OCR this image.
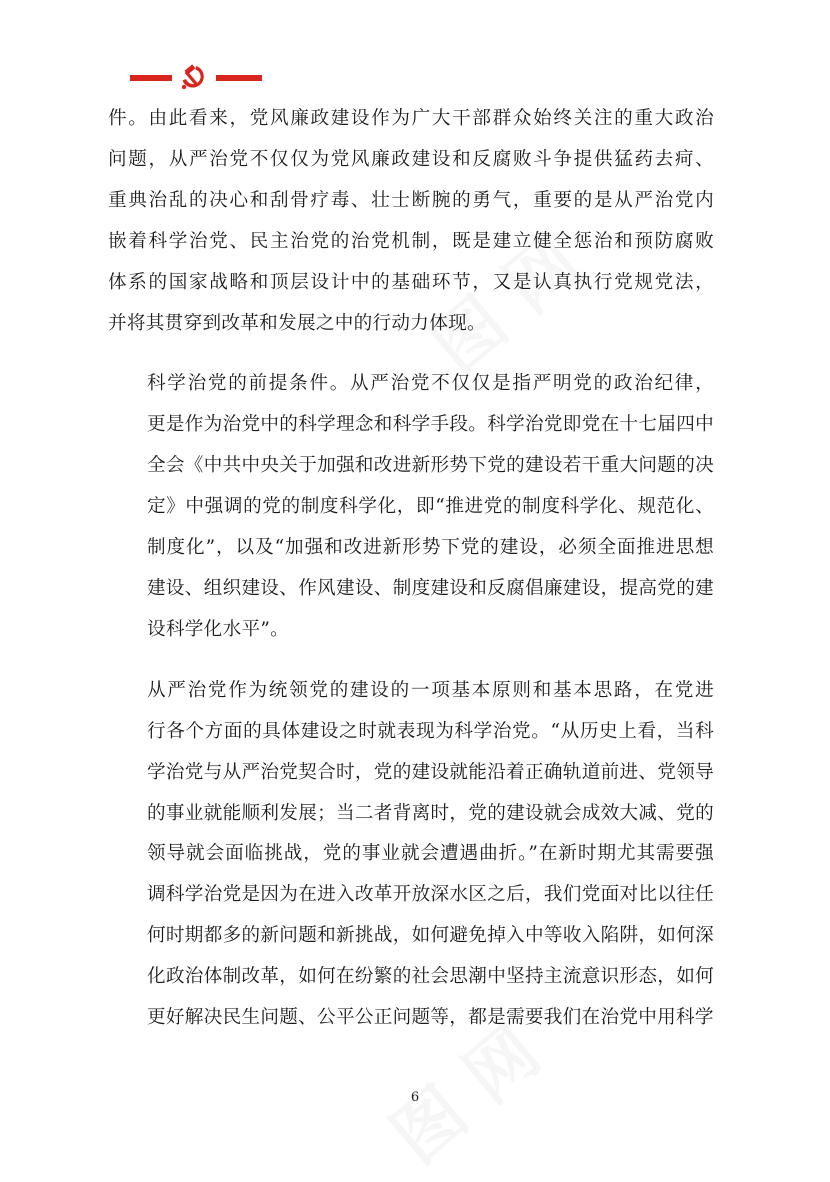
件。由此看来，党风廉政建设作为广大干部群众始终关注的重大政治
问题，从严治党不仅仅为党风廉政建设和反腐败斗争提供猛药去疴、
重典治乱的决心和刮骨疗毒、壮士断腕的勇气，重要的是从严治党内
嵌着科学治党、民主治党的治党机制，既是建立健全惩治和预防腐败
体系的国家战略和顶层设计中的基础环节，又是认真执行党规党法，
并将其贯穿到改革和发展之中的行动力体现。

科学治党的前提条件。从严治党不仅仅是指严明党的政治纪律，
更是作为治党中的科学理念和科学手段。科学治党即党在十七届四中
全会《中共中央关于加强和改进新形势下党的建设若干重大问题的决
定》中强调的党的制度科学化，即“推进党的制度科学化、规范化、
制度化”，以及“加强和改进新形势下党的建设，必须全面推进思想
建设、组织建设、作风建设、制度建设和反腐倡廉建设，提高党的建
设科学化水平”。

从严治党作为统领党的建设的一项基本原则和基本思路，在党进
行各个方面的具体建设之时就表现为科学治党。“从历史上看，当科
学治党与从严治党契合时，党的建设就能沿着正确轨道前进、党领导
的事业就能顺利发展；当二者背离时，党的建设就会成效大减、党的
领导就会面临挑战，党的事业就会遭遇曲折。”在新时期尤其需要强
调科学治党是因为在进入改革开放深水区之后，我们党面对比以往任
何时期都多的新问题和新挑战，如何避免掉入中等收入陷阱，如何深
化政治体制改革，如何在纷繁的社会思潮中坚持主流意识形态，如何
更好解决民生问题、公平公正问题等，都是需要我们在治党中用科学

6
